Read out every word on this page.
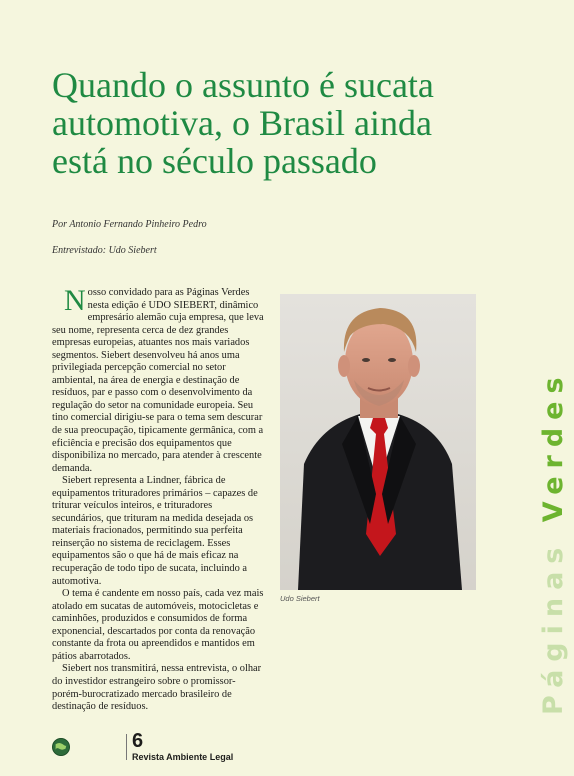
Quando o assunto é sucata automotiva, o Brasil ainda está no século passado
Por Antonio Fernando Pinheiro Pedro
Entrevistado: Udo Siebert

Nosso convidado para as Páginas Verdes nesta edição é UDO SIEBERT, dinâmico empresário alemão cuja empresa, que leva seu nome, representa cerca de dez grandes empresas europeias, atuantes nos mais variados segmentos. Siebert desenvolveu há anos uma privilegiada percepção comercial no setor ambiental, na área de energia e destinação de resíduos, par e passo com o desenvolvimento da regulação do setor na comunidade europeia. Seu tino comercial dirigiu-se para o tema sem descurar de sua preocupação, tipicamente germânica, com a eficiência e precisão dos equipamentos que disponibiliza no mercado, para atender à crescente demanda.

Siebert representa a Lindner, fábrica de equipamentos trituradores primários – capazes de triturar veículos inteiros, e trituradores secundários, que trituram na medida desejada os materiais fracionados, permitindo sua perfeita reinserção no sistema de reciclagem. Esses equipamentos são o que há de mais eficaz na recuperação de todo tipo de sucata, incluindo a automotiva.

O tema é candente em nosso país, cada vez mais atolado em sucatas de automóveis, motocicletas e caminhões, produzidos e consumidos de forma exponencial, descartados por conta da renovação constante da frota ou apreendidos e mantidos em pátios abarrotados.

Siebert nos transmitirá, nessa entrevista, o olhar do investidor estrangeiro sobre o promissor-porém-burocratizado mercado brasileiro de destinação de resíduos.

Udo Siebert	Páginas Verdes
6
Revista Ambiente Legal
